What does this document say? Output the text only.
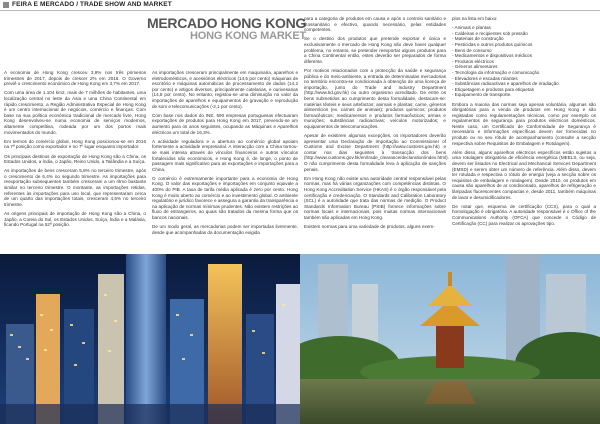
FEIRA E MERCADO / TRADE SHOW AND MARKET
MERCADO HONG KONG
HONG KONG MARKET

A economia de Hong Kong cresceu 3,9% nos três primeiros trimestres de 2017, depois de crescer 2% em 2016. O Governo previê o crescimento económico de Hong Kong em 3,7% em 2017.

Com uma área de 1.104 km2, mais de 7 milhões de habitantes, uma localização central no leste da Ásia e uma China Continental em rápido crescimento, a Região Administrativa Especial de Hong Kong é um centro internacional de negócios, comércio e finanças. Com base na sua política económica tradicional de mercado livre, Hong Kong desenvolveu-se numa economia de serviços modernos, altamente competitiva, rodeada por um dos portos mais movimentados do mundo.

Em termos do comércio global, Hong Kong posicionou-se em 2016 na 7ª posição como exportador e no 7º lugar enquanto importador.

Os principais destinos de exportação de Hong Kong são a China, os Estados Unidos, a Índia, o Japão, Reino Unido, a Tailândia e a Suíça.

As importações de bens cresceram 5,8% no terceiro trimestre, após o crescimento de 6,4% no segundo trimestre. As importações para reexportação subsequentes também cresceram a um ritmo bastante similar no terceiro trimestre. O montante, as importações retidas, referentes às importações para uso local, que representaram cerca de um quarto das importações totais, cresceram 4,5% no terceiro trimestre.

As origens principais de importação de Hong Kong são a China, o Japão, a Coreia do Sul, os Estados Unidos, Suíça, Índia e a Malásia, ficando Portugal na 52ª posição.

As importações cresceram principalmente em maquinaria, aparelhos e eletrodomésticos, e acessórios eléctricos (14,5 por cento) máquinas de escritório e máquinas automáticas de processamento de dados (14,2 por cento) e artigos diversos, principalmente cutelarias, e ourivesarias (14,8 por cento). No entanto, registou-se uma diminuição no valor da importações de aparelhos e equipamentos de gravação e reprodução de som e telecomunicações (-2,1 por cento).

Com base nos dados do INE, 590 empresas portuguesas efectuaram exportações de produtos para Hong Kong em 2017, prevendo-se um aumento para os anos seguintes, ocupando as Máquinas e Aparelhos eléctricos um total de 16,3%.

A actividade reguladora e a abertura ao comércio global apoiam fortemente a actividade empresarial. A interacção com a China tornou-se mais intensa através de vínculos financeiros e outros vínculos fortalecidos não económicos, e Hong Kong é, de longe, o ponto de passagem mais significativo para as exportações e importações para a China.

O comércio é extremamente importante para a economia de Hong Kong. O valor das exportações e importações em conjunto equivale a 400% do PIB. A taxa de tarifa média aplicada é zero por cento. Hong Kong é muito aberto ao comércio e ao investimento global. O ambiente regulatório e jurídico favorece e assegura a garantia da transparência e na aplicação de normas mínimas prudentes. Não existem restrições ao fluxo de estrangeiros, ao quais são tratados da mesma forma que os bancos nacionais.

De um modo geral, as mercadorias podem ser importadas livremente, desde que acompanhadas da documentação exigida

para a categoria de produtos em causa e após o controlo sanitário e fitossanitário e efectivo, quando necessário, pelas entidades competentes.

Se o destino dos produtos que pretende exportar é única e exclusivamente o mercado de Hong Kong não deve haver qualquer problema, no entanto, se pretender reexportar alguns produtos para a China Continental então, estes deverão ser preparados de forma diferente.

Por motivos relacionados com a protecção da saúde e segurança pública e do meio-ambiente, a entrada de determinadas mercadorias no território encontra-se condicionada à obtenção de uma licença de importação, junto do Trade and Industry Department (http://www.tid.gov.hk) ou outro organismo acreditado. De entre os bens submetidos ao cumprimento desta formalidade, destacam-se: matérias têxteis e seus artefactos; animais e plantas; carne, géneros alimentícios (ex. carnes de animais); produtos químicos; produtos farmacêuticos; medicamentos e produtos farmacêuticos; armas e munições; substâncias radioactivas; veículos motorizados; e equipamentos de telecomunicações.

Apesar de existirem algumas excepções, os importadores deverão apresentar uma Declaração de Importação ao Commissioner of Customs and Excise Department (http://www.customs.gov.hk) e contar nos dias seguintes à transacção dos bens (http://www.customs.gov.hk/en/trade_clearance/declaration/index.html). O não cumprimento desta formalidade leva à aplicação de sanções penais.

Em Hong Kong não existe uma autoridade central responsável pelas normas, mas há várias organizações com competências distintas. O Hong Kong Accreditation Service (HKAS) é o órgão responsável pela certificação e credenciação. O Standards and Calibration Laboratory (SCL) é a autoridade que trata das normas de medição. O Product Standards Information Bureau (PSIB) fornece informações sobre normas locais e internacionais, pois muitas normas internacionais também são aplicadas em Hong Kong.

Existem normas para uma variedade de produtos, alguns exem-

plos na lista em baixo:

- Animais e plantas
- Caldeiras e recipientes sob pressão
- Materiais de construção
- Pesticidas e outros produtos químicos
- Bens de consumo
- Medicamentos e dispositivos médicos
- Produtos eléctricos
- Géneros alimentares
- Tecnologia da informação e comunicação
- Elevadores e escadas rolantes
- Substâncias radioactivas e aparelhos de irradiação
- Etiquetagem e produtos para etiquetas
- Equipamento de transporte.

Embora a maioria das normas seja apenas voluntária, algumas são obrigatórias para a venda de produtos em Hong Kong e são registadas como regulamentações técnicas, como por exemplo os regulamentos de segurança para produtos eléctricos domésticos. Neste caso, um Certificado de Conformidade de Segurança é necessário e informações específicas devem ser fornecidas no produto ou no seu rótulo de acompanhamento (consulte a secção respectiva sobre Requisitos de Embalagem e Rotulagem).

Além disso, alguns aparelhos eléctricos específicos estão sujeitos a uma rotulagem obrigatória de eficiência energética (MEELS, ou seja, devem ser listados no Electrical and Mechanical Services Department (EMSD) e serem obter um número de referência. Além disso, devem ter rotulada e respectiva o rótulo de energia (veja a secção sobre os requisitos de embalagem e rotulagem). Desde 2010, os produtos em causa são aparelhos de ar condicionado, aparelhos de refrigeração e lâmpadas fluorescentes compactas e, desde 2011, também máquinas de lavar e desumidificadores.

De notar que, esquema de certificação (CCS), para o qual a homologação é obrigatória. A autoridade responsável é o Office of the Communications Authority (OFCA) que concede o Código de Certificação (CC) para realizar os aprovações tipo.
